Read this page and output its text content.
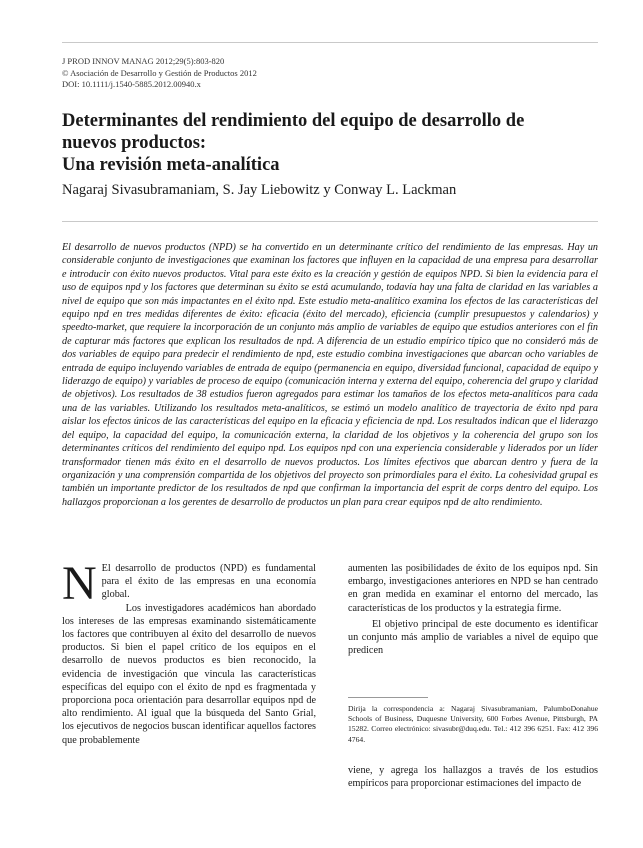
J PROD INNOV MANAG 2012;29(5):803-820
© Asociación de Desarrollo y Gestión de Productos 2012
DOI: 10.1111/j.1540-5885.2012.00940.x
Determinantes del rendimiento del equipo de desarrollo de
nuevos productos:
Una revisión meta-analítica
Nagaraj Sivasubramaniam, S. Jay Liebowitz y Conway L. Lackman

El desarrollo de nuevos productos (NPD) se ha convertido en un determinante crítico del rendimiento de las empresas. Hay un considerable conjunto de investigaciones que examinan los factores que influyen en la capacidad de una empresa para desarrollar e introducir con éxito nuevos productos. Vital para este éxito es la creación y gestión de equipos NPD. Si bien la evidencia para el uso de equipos npd y los factores que determinan su éxito se está acumulando, todavía hay una falta de claridad en las variables a nivel de equipo que son más impactantes en el éxito npd. Este estudio meta-analítico examina los efectos de las características del equipo npd en tres medidas diferentes de éxito: eficacia (éxito del mercado), eficiencia (cumplir presupuestos y calendarios) y speedto-market, que requiere la incorporación de un conjunto más amplio de variables de equipo que estudios anteriores con el fin de capturar más factores que explican los resultados de npd. A diferencia de un estudio empírico típico que no consideró más de dos variables de equipo para predecir el rendimiento de npd, este estudio combina investigaciones que abarcan ocho variables de entrada de equipo incluyendo variables de entrada de equipo (permanencia en equipo, diversidad funcional, capacidad de equipo y liderazgo de equipo) y variables de proceso de equipo (comunicación interna y externa del equipo, coherencia del grupo y claridad de objetivos). Los resultados de 38 estudios fueron agregados para estimar los tamaños de los efectos meta-analíticos para cada una de las variables. Utilizando los resultados meta-analíticos, se estimó un modelo analítico de trayectoria de éxito npd para aislar los efectos únicos de las características del equipo en la eficacia y eficiencia de npd. Los resultados indican que el liderazgo del equipo, la capacidad del equipo, la comunicación externa, la claridad de los objetivos y la coherencia del grupo son los determinantes críticos del rendimiento del equipo npd. Los equipos npd con una experiencia considerable y liderados por un líder transformador tienen más éxito en el desarrollo de nuevos productos. Los límites efectivos que abarcan dentro y fuera de la organización y una comprensión compartida de los objetivos del proyecto son primordiales para el éxito. La cohesividad grupal es también un importante predictor de los resultados de npd que confirman la importancia del esprit de corps dentro del equipo. Los hallazgos proporcionan a los gerentes de desarrollo de productos un plan para crear equipos npd de alto rendimiento.

N El desarrollo de productos (NPD) es fundamental para el éxito de las empresas en una economía global.

Los investigadores académicos han abordado los intereses de las empresas examinando sistemáticamente los factores que contribuyen al éxito del desarrollo de nuevos productos. Si bien el papel crítico de los equipos en el desarrollo de nuevos productos es bien reconocido, la evidencia de investigación que vincula las características específicas del equipo con el éxito de npd es fragmentada y proporciona poca orientación para desarrollar equipos npd de alto rendimiento. Al igual que la búsqueda del Santo Grial, los ejecutivos de negocios buscan identificar aquellos factores que probablemente

aumenten las posibilidades de éxito de los equipos npd. Sin embargo, investigaciones anteriores en NPD se han centrado en gran medida en examinar el entorno del mercado, las características de los productos y la estrategia firme.

El objetivo principal de este documento es identificar un conjunto más amplio de variables a nivel de equipo que predicen

Dirija la correspondencia a: Nagaraj Sivasubramaniam, PalumboDonahue Schools of Business, Duquesne University, 600 Forbes Avenue, Pittsburgh, PA 15282. Correo electrónico: sivasubr@duq.edu. Tel.: 412 396 6251. Fax: 412 396 4764.

viene, y agrega los hallazgos a través de los estudios empíricos para proporcionar estimaciones del impacto de
